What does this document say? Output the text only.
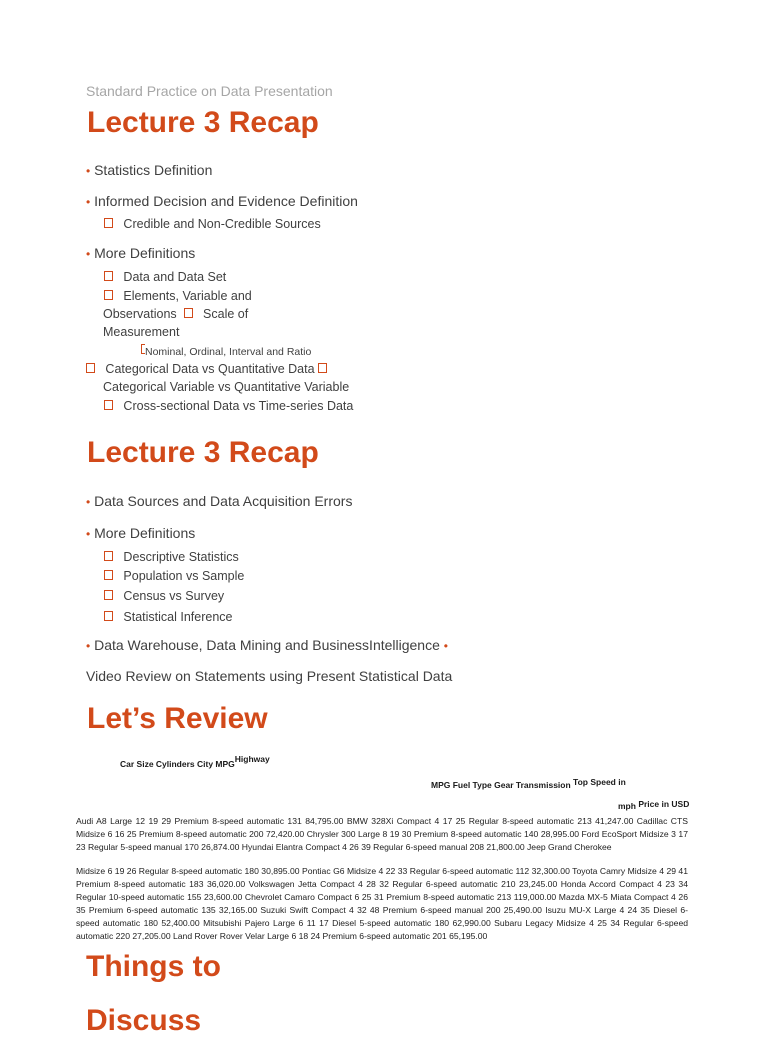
Standard Practice on Data Presentation
Lecture 3 Recap
• Statistics Definition
• Informed Decision and Evidence Definition
Credible and Non-Credible Sources
• More Definitions
Data and Data Set
Elements, Variable and
Observations Scale of
Measurement
Nominal, Ordinal, Interval and Ratio
Categorical Data vs Quantitative Data
Categorical Variable vs Quantitative Variable
Cross-sectional Data vs Time-series Data
Lecture 3 Recap
• Data Sources and Data Acquisition Errors
• More Definitions
Descriptive Statistics
Population vs Sample
Census vs Survey
Statistical Inference
• Data Warehouse, Data Mining and BusinessIntelligence •
Video Review on Statements using Present Statistical Data
Let’s Review
Car Size Cylinders City MPGHighway
MPG Fuel Type Gear Transmission Top Speed in
mph Price in USD
Audi A8 Large 12 19 29 Premium 8-speed automatic 131 84,795.00 BMW 328Xi Compact 4 17 25 Regular 8-speed automatic 213 41,247.00 Cadillac CTS Midsize 6 16 25 Premium 8-speed automatic 200 72,420.00 Chrysler 300 Large 8 19 30 Premium 8-speed automatic 140 28,995.00 Ford EcoSport Midsize 3 17 23 Regular 5-speed manual 170 26,874.00 Hyundai Elantra Compact 4 26 39 Regular 6-speed manual 208 21,800.00 Jeep Grand Cherokee
Midsize 6 19 26 Regular 8-speed automatic 180 30,895.00 Pontiac G6 Midsize 4 22 33 Regular 6-speed automatic 112 32,300.00 Toyota Camry Midsize 4 29 41 Premium 8-speed automatic 183 36,020.00 Volkswagen Jetta Compact 4 28 32 Regular 6-speed automatic 210 23,245.00 Honda Accord Compact 4 23 34 Regular 10-speed automatic 155 23,600.00 Chevrolet Camaro Compact 6 25 31 Premium 8-speed automatic 213 119,000.00 Mazda MX-5 Miata Compact 4 26 35 Premium 6-speed automatic 135 32,165.00 Suzuki Swift Compact 4 32 48 Premium 6-speed manual 200 25,490.00 Isuzu MU-X Large 4 24 35 Diesel 6-speed automatic 180 52,400.00 Mitsubishi Pajero Large 6 11 17 Diesel 5-speed automatic 180 62,990.00 Subaru Legacy Midsize 4 25 34 Regular 6-speed automatic 220 27,205.00 Land Rover Rover Velar Large 6 18 24 Premium 6-speed automatic 201 65,195.00
Things to
Discuss
